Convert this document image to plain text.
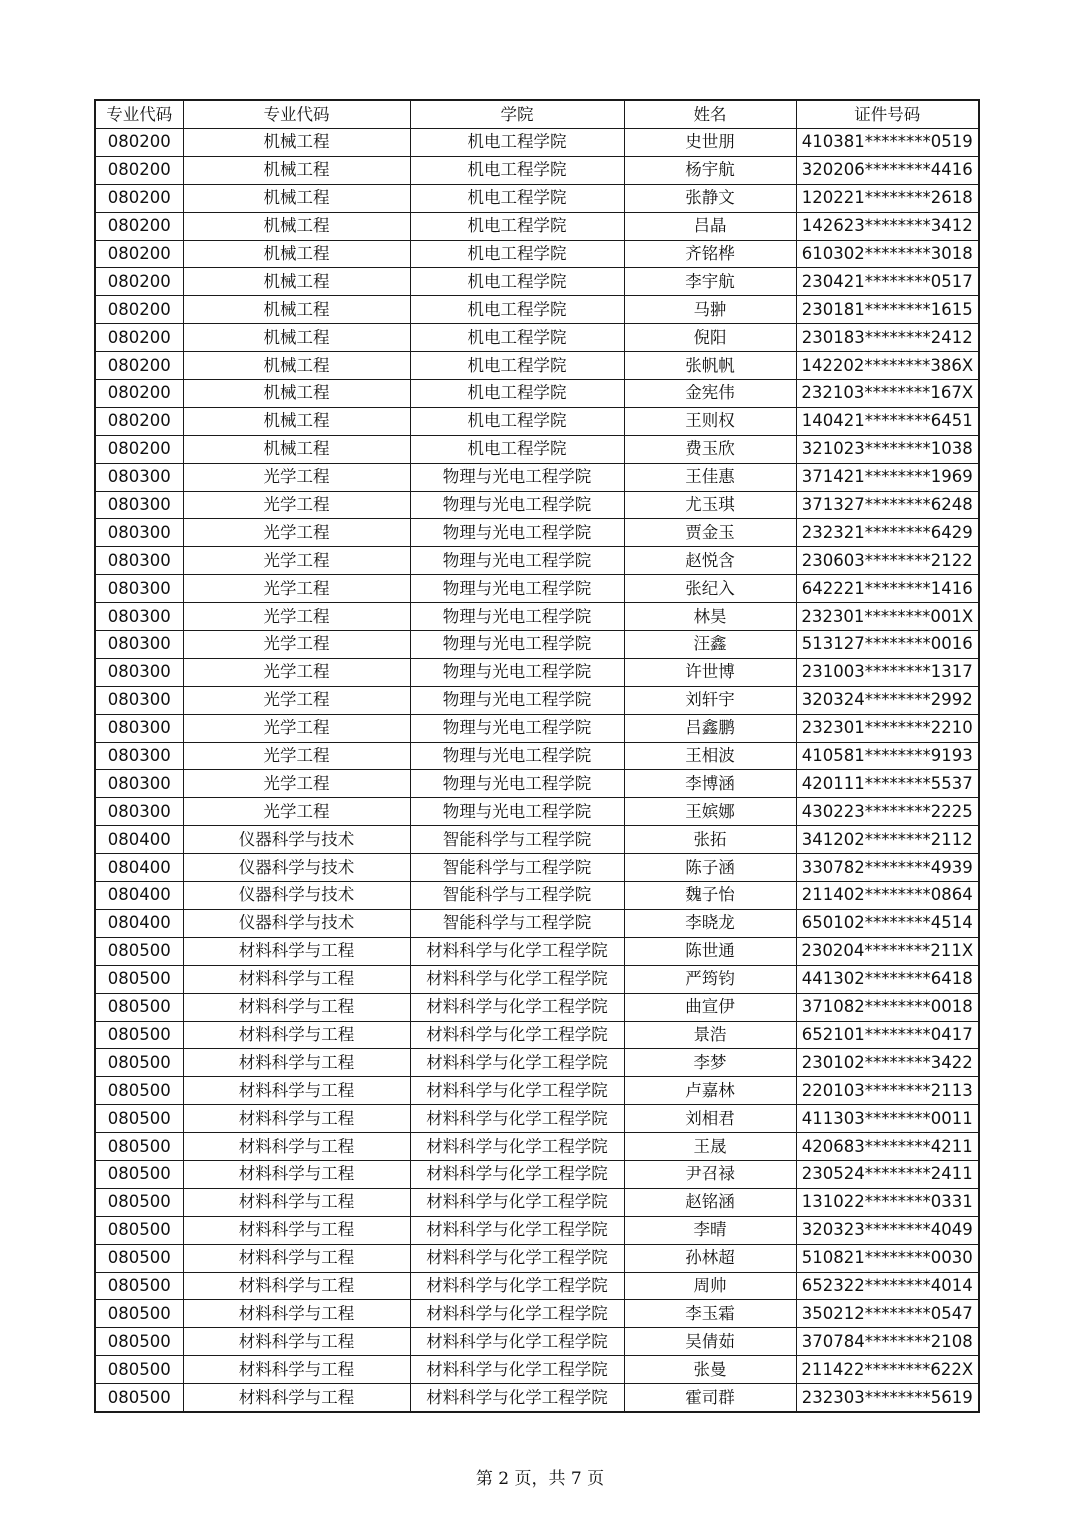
专业代码	专业代码	学院	姓名	证件号码
080200	机械工程	机电工程学院	史世朋	410381********0519
080200	机械工程	机电工程学院	杨宇航	320206********4416
080200	机械工程	机电工程学院	张静文	120221********2618
080200	机械工程	机电工程学院	吕晶	142623********3412
080200	机械工程	机电工程学院	齐铭桦	610302********3018
080200	机械工程	机电工程学院	李宇航	230421********0517
080200	机械工程	机电工程学院	马翀	230181********1615
080200	机械工程	机电工程学院	倪阳	230183********2412
080200	机械工程	机电工程学院	张帆帆	142202********386X
080200	机械工程	机电工程学院	金宪伟	232103********167X
080200	机械工程	机电工程学院	王则权	140421********6451
080200	机械工程	机电工程学院	费玉欣	321023********1038
080300	光学工程	物理与光电工程学院	王佳惠	371421********1969
080300	光学工程	物理与光电工程学院	尤玉琪	371327********6248
080300	光学工程	物理与光电工程学院	贾金玉	232321********6429
080300	光学工程	物理与光电工程学院	赵悦含	230603********2122
080300	光学工程	物理与光电工程学院	张纪入	642221********1416
080300	光学工程	物理与光电工程学院	林昊	232301********001X
080300	光学工程	物理与光电工程学院	汪鑫	513127********0016
080300	光学工程	物理与光电工程学院	许世博	231003********1317
080300	光学工程	物理与光电工程学院	刘轩宇	320324********2992
080300	光学工程	物理与光电工程学院	吕鑫鹏	232301********2210
080300	光学工程	物理与光电工程学院	王相波	410581********9193
080300	光学工程	物理与光电工程学院	李博涵	420111********5537
080300	光学工程	物理与光电工程学院	王嫔娜	430223********2225
080400	仪器科学与技术	智能科学与工程学院	张拓	341202********2112
080400	仪器科学与技术	智能科学与工程学院	陈子涵	330782********4939
080400	仪器科学与技术	智能科学与工程学院	魏子怡	211402********0864
080400	仪器科学与技术	智能科学与工程学院	李晓龙	650102********4514
080500	材料科学与工程	材料科学与化学工程学院	陈世通	230204********211X
080500	材料科学与工程	材料科学与化学工程学院	严筠钧	441302********6418
080500	材料科学与工程	材料科学与化学工程学院	曲宣伊	371082********0018
080500	材料科学与工程	材料科学与化学工程学院	景浩	652101********0417
080500	材料科学与工程	材料科学与化学工程学院	李梦	230102********3422
080500	材料科学与工程	材料科学与化学工程学院	卢嘉林	220103********2113
080500	材料科学与工程	材料科学与化学工程学院	刘相君	411303********0011
080500	材料科学与工程	材料科学与化学工程学院	王晟	420683********4211
080500	材料科学与工程	材料科学与化学工程学院	尹召禄	230524********2411
080500	材料科学与工程	材料科学与化学工程学院	赵铭涵	131022********0331
080500	材料科学与工程	材料科学与化学工程学院	李晴	320323********4049
080500	材料科学与工程	材料科学与化学工程学院	孙林超	510821********0030
080500	材料科学与工程	材料科学与化学工程学院	周帅	652322********4014
080500	材料科学与工程	材料科学与化学工程学院	李玉霜	350212********0547
080500	材料科学与工程	材料科学与化学工程学院	吴倩茹	370784********2108
080500	材料科学与工程	材料科学与化学工程学院	张曼	211422********622X
080500	材料科学与工程	材料科学与化学工程学院	霍司群	232303********5619
第 2 页，共 7 页
